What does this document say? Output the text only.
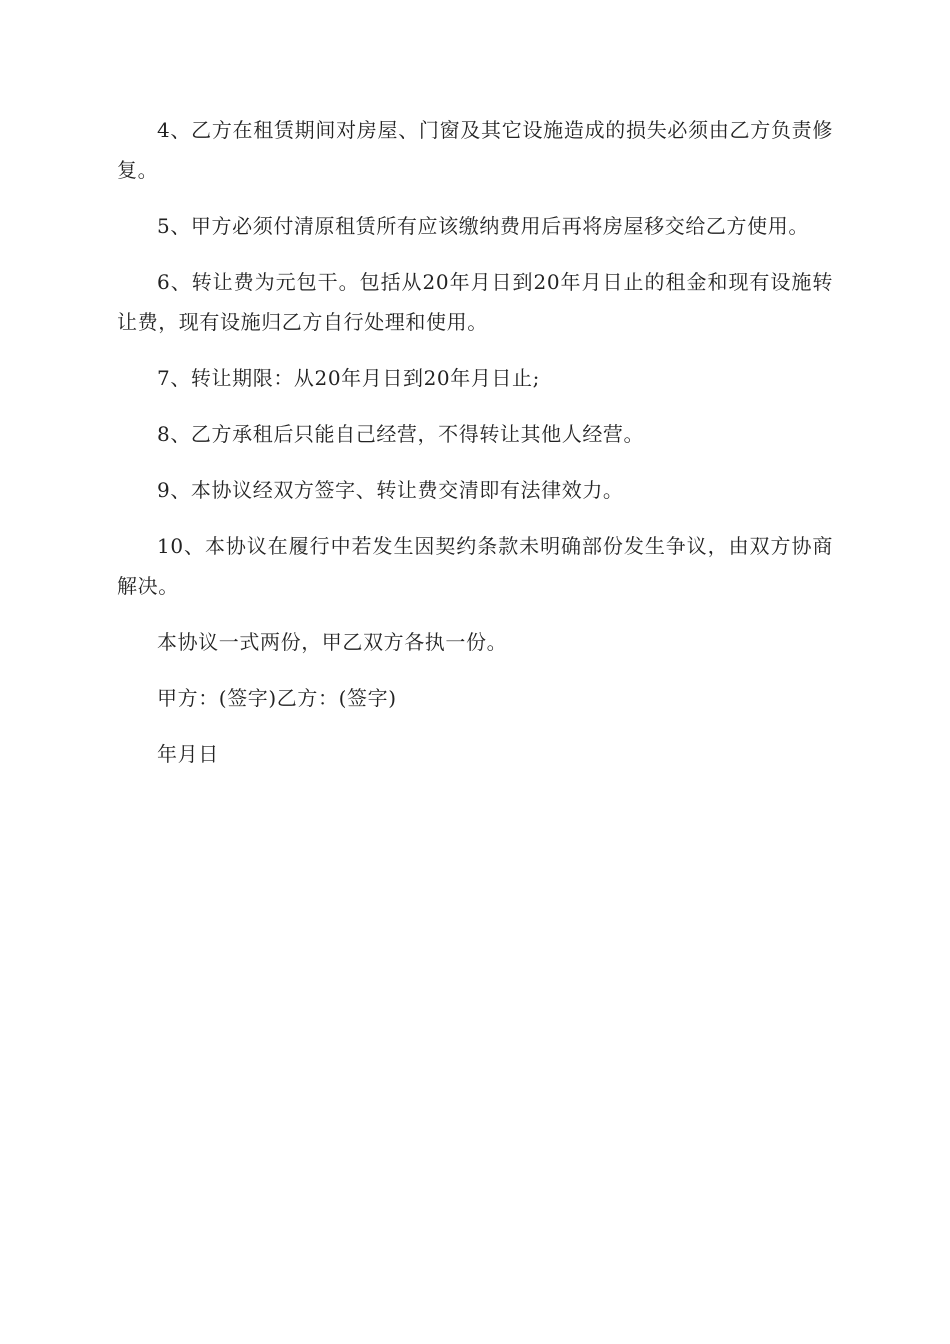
4、乙方在租赁期间对房屋、门窗及其它设施造成的损失必须由乙方负责修复。

5、甲方必须付清原租赁所有应该缴纳费用后再将房屋移交给乙方使用。

6、转让费为元包干。包括从20年月日到20年月日止的租金和现有设施转让费，现有设施归乙方自行处理和使用。

7、转让期限：从20年月日到20年月日止;

8、乙方承租后只能自己经营，不得转让其他人经营。

9、本协议经双方签字、转让费交清即有法律效力。

10、本协议在履行中若发生因契约条款未明确部份发生争议，由双方协商解决。

本协议一式两份，甲乙双方各执一份。

甲方：(签字)乙方：(签字)

年月日
